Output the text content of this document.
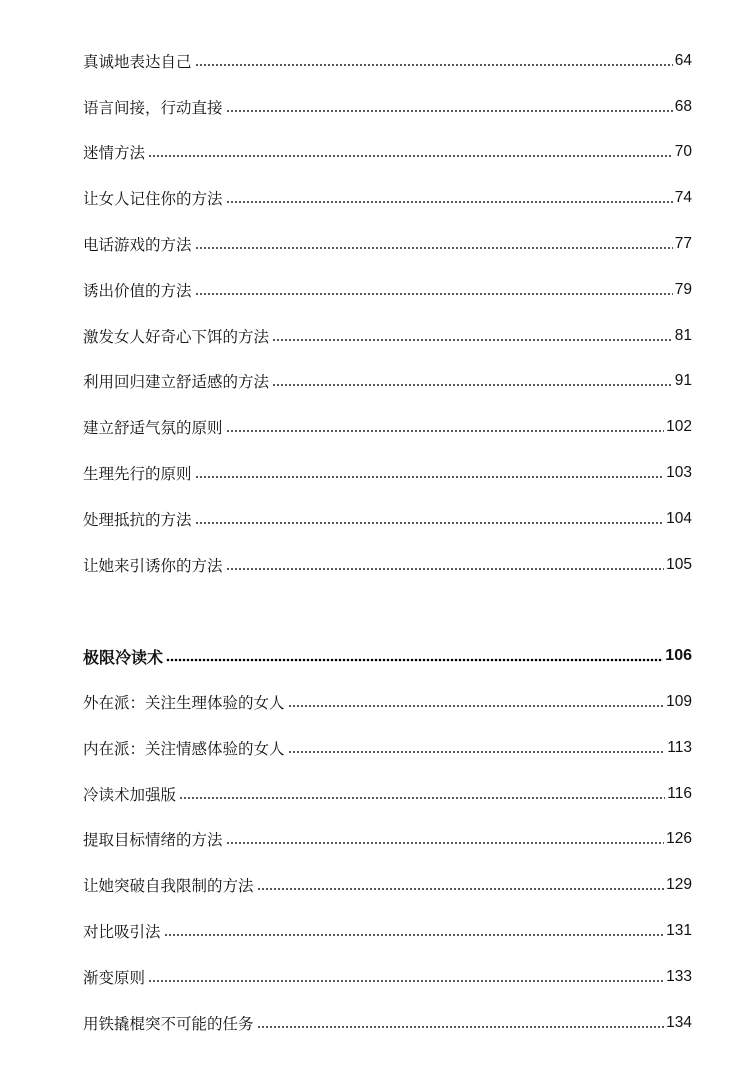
真诚地表达自己	64
语言间接，行动直接	68
迷情方法	70
让女人记住你的方法	74
电话游戏的方法	77
诱出价值的方法	79
激发女人好奇心下饵的方法	81
利用回归建立舒适感的方法	91
建立舒适气氛的原则	102
生理先行的原则	103
处理抵抗的方法	104
让她来引诱你的方法	105
极限冷读术	106
外在派：关注生理体验的女人	109
内在派：关注情感体验的女人	113
冷读术加强版	116
提取目标情绪的方法	126
让她突破自我限制的方法	129
对比吸引法	131
渐变原则	133
用铁撬棍突不可能的任务	134
